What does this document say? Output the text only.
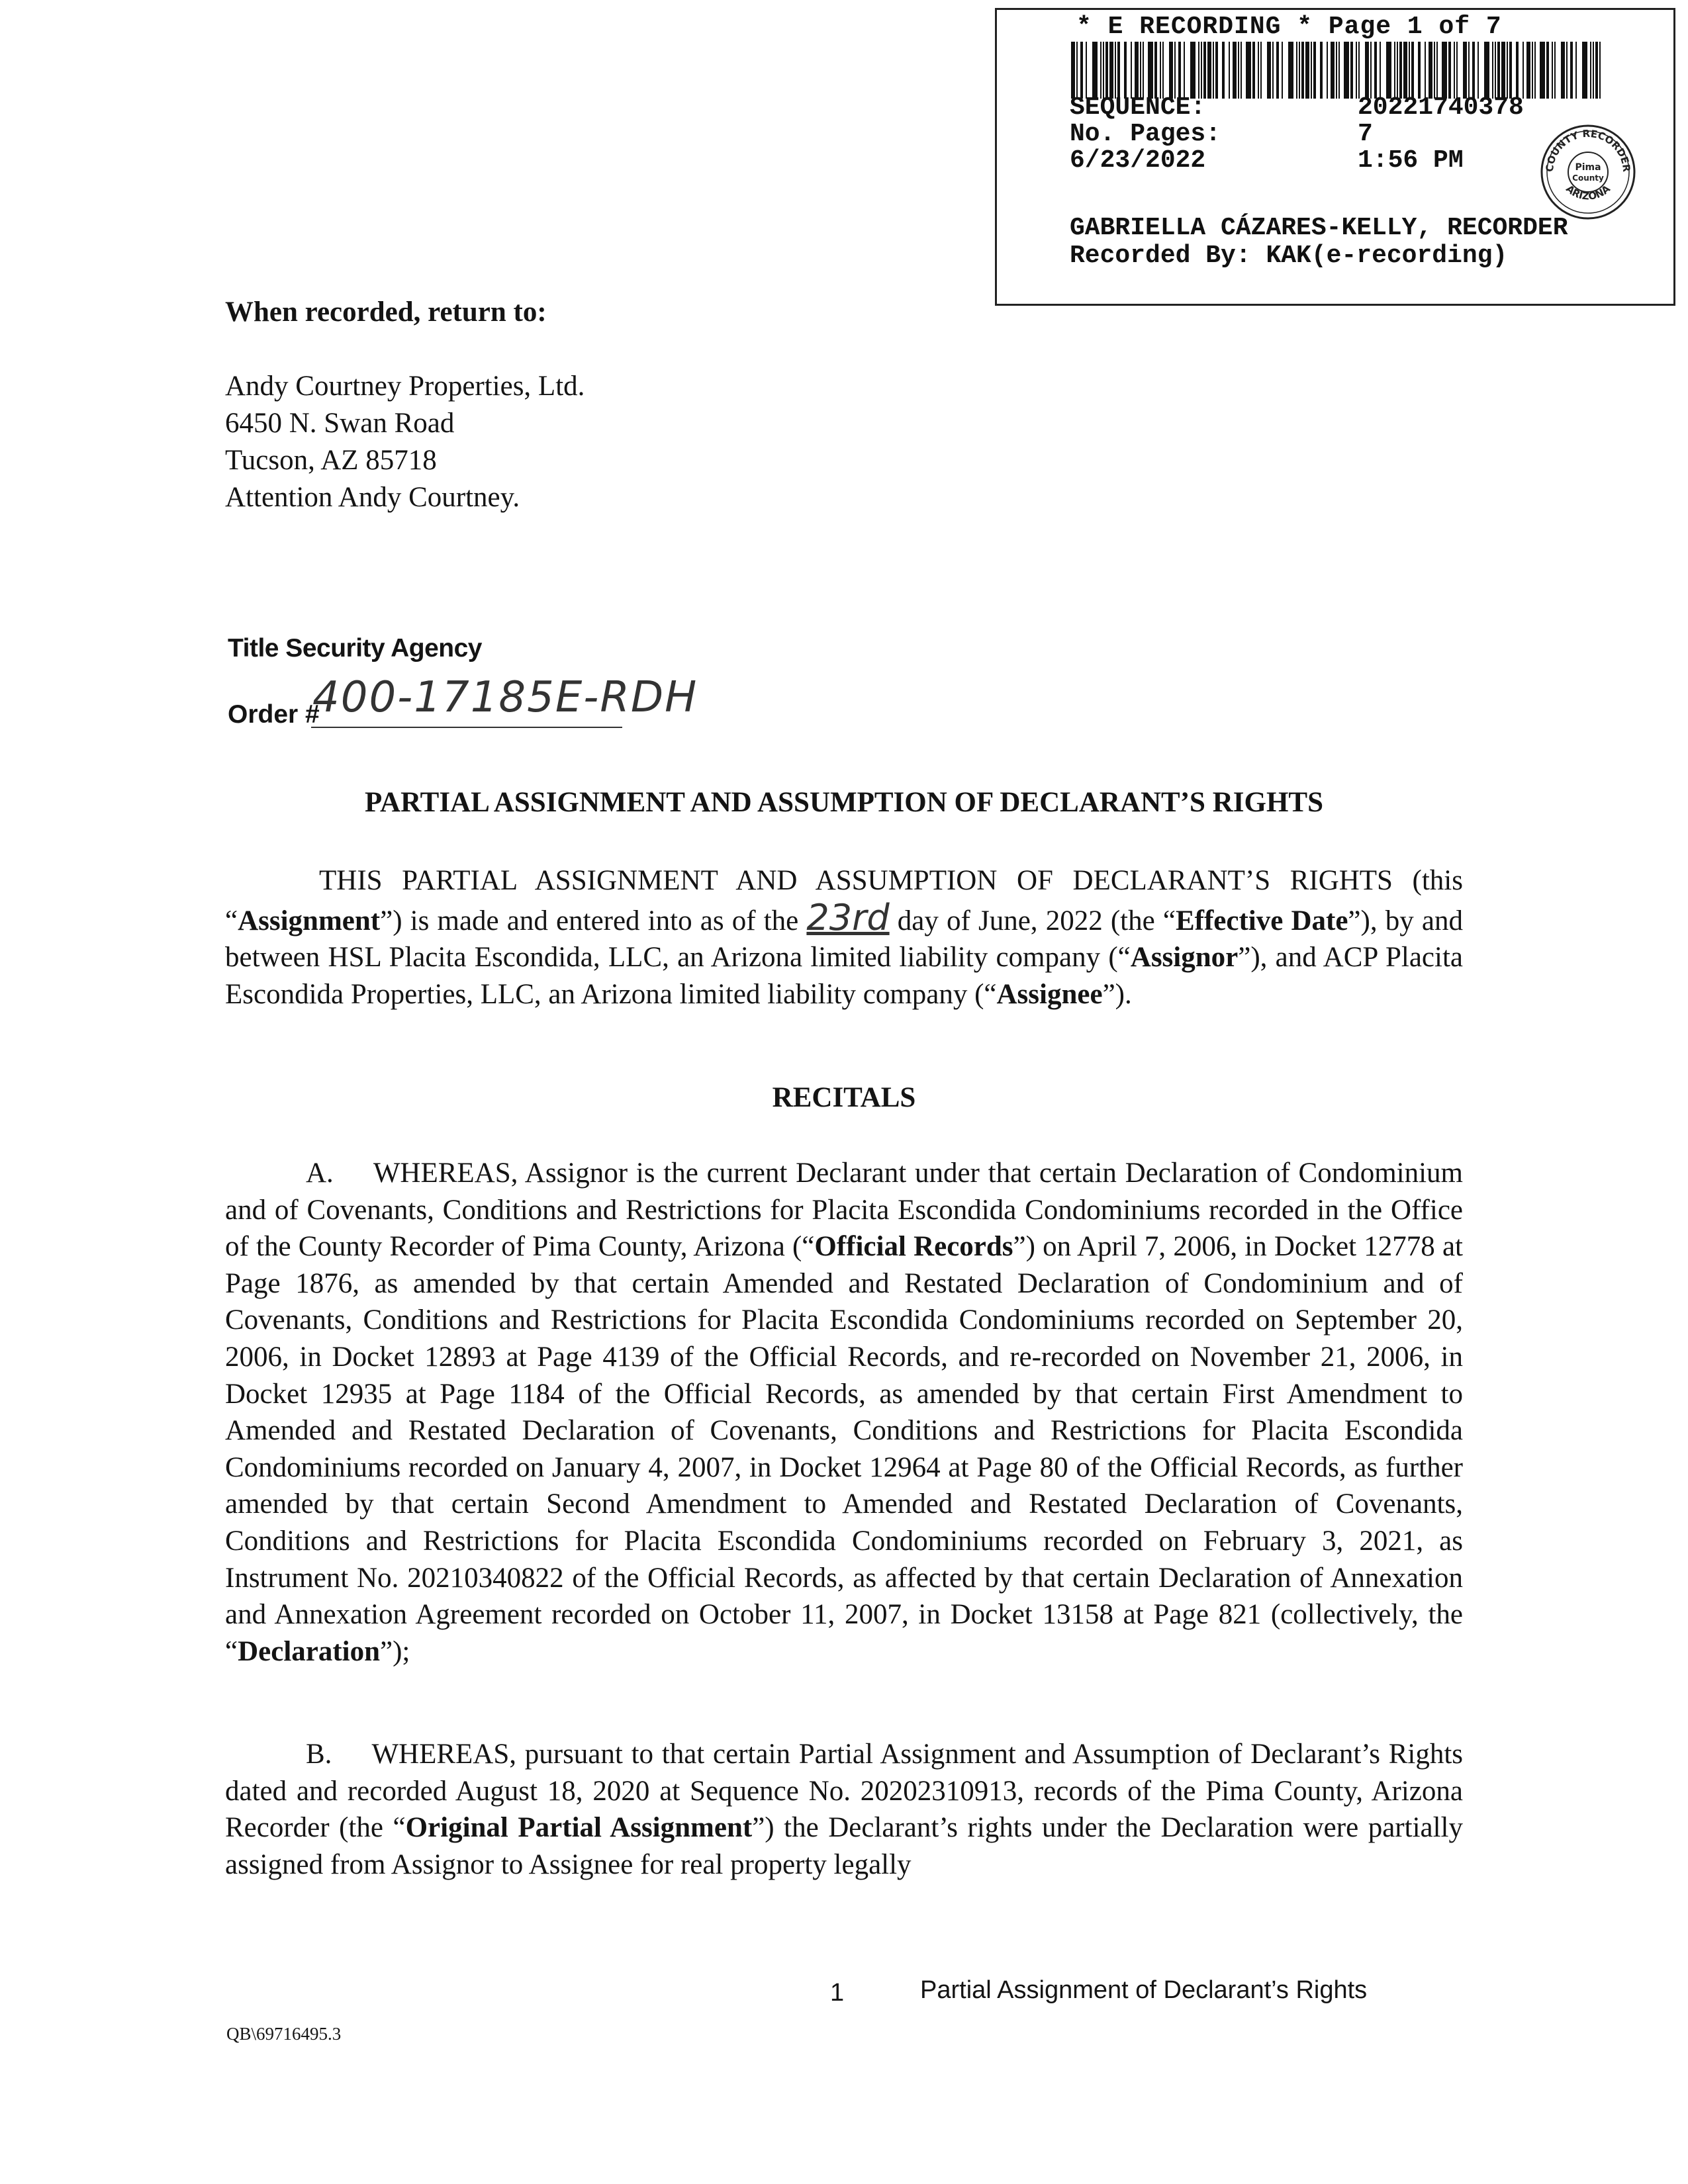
* E RECORDING * Page 1 of 7
SEQUENCE:	20221740378
No. Pages:	7
6/23/2022	1:56 PM	COUNTY RECORDER
ARIZONA
Pima
County
GABRIELLA CÁZARES-KELLY, RECORDER
Recorded By: KAK(e-recording)
When recorded, return to:
Andy Courtney Properties, Ltd.
6450 N. Swan Road
Tucson, AZ 85718
Attention Andy Courtney.
Title Security Agency
Order #
400-17185E-RDH
PARTIAL ASSIGNMENT AND ASSUMPTION OF DECLARANT’S RIGHTS
THIS PARTIAL ASSIGNMENT AND ASSUMPTION OF DECLARANT’S RIGHTS (this “Assignment”) is made and entered into as of the 23rd day of June, 2022 (the “Effective Date”), by and between HSL Placita Escondida, LLC, an Arizona limited liability company (“Assignor”), and ACP Placita Escondida Properties, LLC, an Arizona limited liability company (“Assignee”).
RECITALS
A. WHEREAS, Assignor is the current Declarant under that certain Declaration of Condominium and of Covenants, Conditions and Restrictions for Placita Escondida Condominiums recorded in the Office of the County Recorder of Pima County, Arizona (“Official Records”) on April 7, 2006, in Docket 12778 at Page 1876, as amended by that certain Amended and Restated Declaration of Condominium and of Covenants, Conditions and Restrictions for Placita Escondida Condominiums recorded on September 20, 2006, in Docket 12893 at Page 4139 of the Official Records, and re-recorded on November 21, 2006, in Docket 12935 at Page 1184 of the Official Records, as amended by that certain First Amendment to Amended and Restated Declaration of Covenants, Conditions and Restrictions for Placita Escondida Condominiums recorded on January 4, 2007, in Docket 12964 at Page 80 of the Official Records, as further amended by that certain Second Amendment to Amended and Restated Declaration of Covenants, Conditions and Restrictions for Placita Escondida Condominiums recorded on February 3, 2021, as Instrument No. 20210340822 of the Official Records, as affected by that certain Declaration of Annexation and Annexation Agreement recorded on October 11, 2007, in Docket 13158 at Page 821 (collectively, the “Declaration”);
B. WHEREAS, pursuant to that certain Partial Assignment and Assumption of Declarant’s Rights dated and recorded August 18, 2020 at Sequence No. 20202310913, records of the Pima County, Arizona Recorder (the “Original Partial Assignment”) the Declarant’s rights under the Declaration were partially assigned from Assignor to Assignee for real property legally
1	Partial Assignment of Declarant’s Rights
QB\69716495.3
